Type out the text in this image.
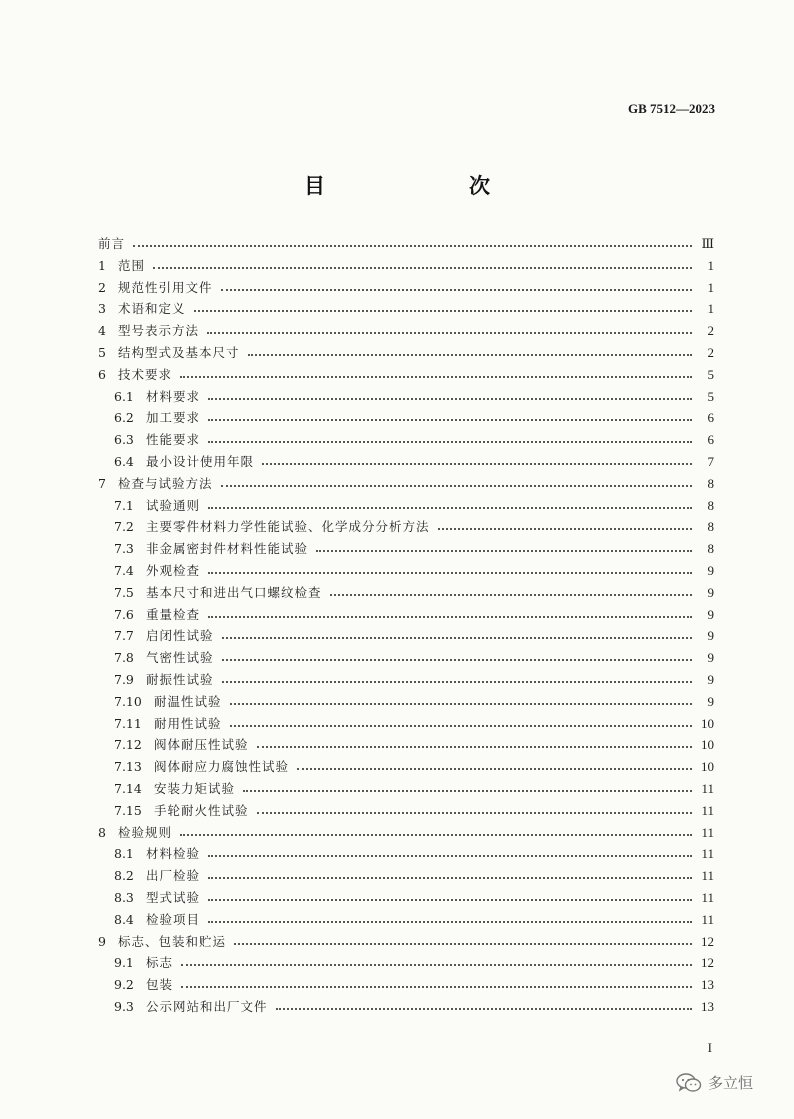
GB 7512—2023
目　　次
前言	Ⅲ
1 范围	1
2 规范性引用文件	1
3 术语和定义	1
4 型号表示方法	2
5 结构型式及基本尺寸	2
6 技术要求	5
6.1 材料要求	5
6.2 加工要求	6
6.3 性能要求	6
6.4 最小设计使用年限	7
7 检查与试验方法	8
7.1 试验通则	8
7.2 主要零件材料力学性能试验、化学成分分析方法	8
7.3 非金属密封件材料性能试验	8
7.4 外观检查	9
7.5 基本尺寸和进出气口螺纹检查	9
7.6 重量检查	9
7.7 启闭性试验	9
7.8 气密性试验	9
7.9 耐振性试验	9
7.10 耐温性试验	9
7.11 耐用性试验	10
7.12 阀体耐压性试验	10
7.13 阀体耐应力腐蚀性试验	10
7.14 安装力矩试验	11
7.15 手轮耐火性试验	11
8 检验规则	11
8.1 材料检验	11
8.2 出厂检验	11
8.3 型式试验	11
8.4 检验项目	11
9 标志、包装和贮运	12
9.1 标志	12
9.2 包装	13
9.3 公示网站和出厂文件	13
I
多立恒
